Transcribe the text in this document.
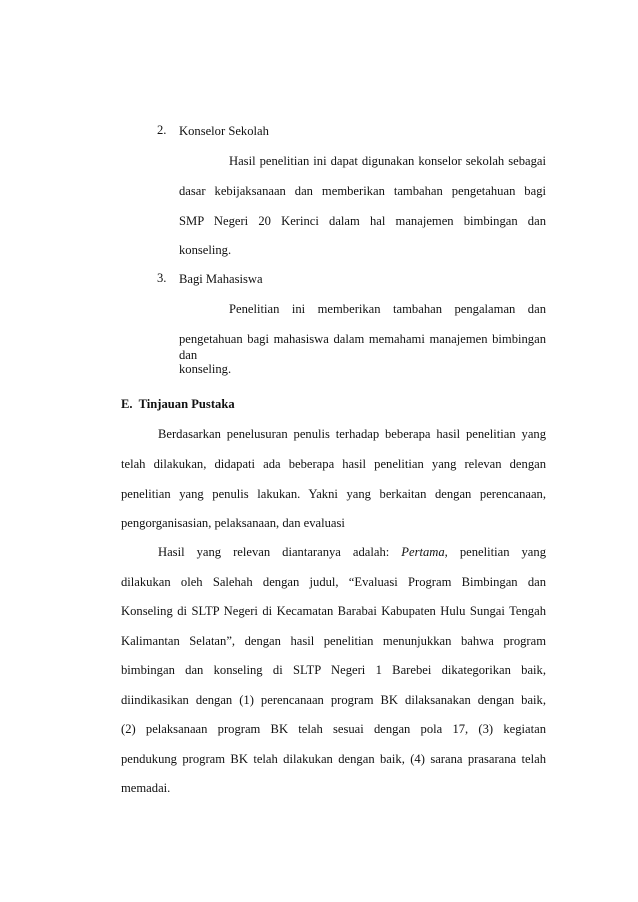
2. Konselor Sekolah
Hasil penelitian ini dapat digunakan konselor sekolah sebagai
dasar kebijaksanaan dan memberikan tambahan pengetahuan bagi
SMP Negeri 20 Kerinci dalam hal manajemen bimbingan dan
konseling.
3. Bagi Mahasiswa
Penelitian ini memberikan tambahan pengalaman dan
pengetahuan bagi mahasiswa dalam memahami manajemen bimbingan dan
konseling.
E.  Tinjauan Pustaka
Berdasarkan penelusuran penulis terhadap beberapa hasil penelitian yang
telah dilakukan, didapati ada beberapa hasil penelitian yang relevan dengan
penelitian yang penulis lakukan. Yakni yang berkaitan dengan perencanaan,
pengorganisasian, pelaksanaan, dan evaluasi
Hasil yang relevan diantaranya adalah: Pertama, penelitian yang
dilakukan oleh Salehah dengan judul, “Evaluasi Program Bimbingan dan
Konseling di SLTP Negeri di Kecamatan Barabai Kabupaten Hulu Sungai Tengah
Kalimantan Selatan”, dengan hasil penelitian menunjukkan bahwa program
bimbingan dan konseling di SLTP Negeri 1 Barebei dikategorikan baik,
diindikasikan dengan (1) perencanaan program BK dilaksanakan dengan baik,
(2) pelaksanaan program BK telah sesuai dengan pola 17, (3) kegiatan
pendukung program BK telah dilakukan dengan baik, (4) sarana prasarana telah
memadai.
